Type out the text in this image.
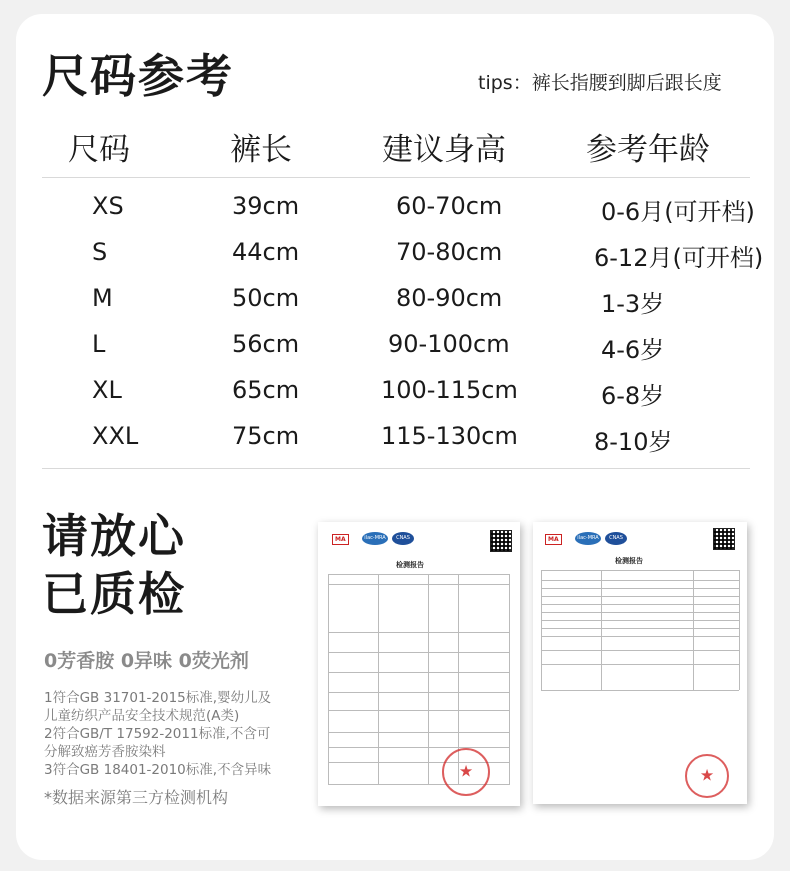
尺码参考	tips：裤长指腰到脚后跟长度
尺码	裤长	建议身高	参考年龄
XS	39cm	60-70cm	0-6月(可开档)
S	44cm	70-80cm	6-12月(可开档)
M	50cm	80-90cm	1-3岁
L	56cm	90-100cm	4-6岁
XL	65cm	100-115cm	6-8岁
XXL	75cm	115-130cm	8-10岁
请放心
已质检
0芳香胺 0异味 0荧光剂
1符合GB 31701-2015标准,婴幼儿及
儿童纺织产品安全技术规范(A类)
2符合GB/T 17592-2011标准,不含可
分解致癌芳香胺染料
3符合GB 18401-2010标准,不含异味
*数据来源第三方检测机构
MA	ilac-MRA	CNAS
检测报告
★
MA	ilac-MRA	CNAS
检测报告
★
